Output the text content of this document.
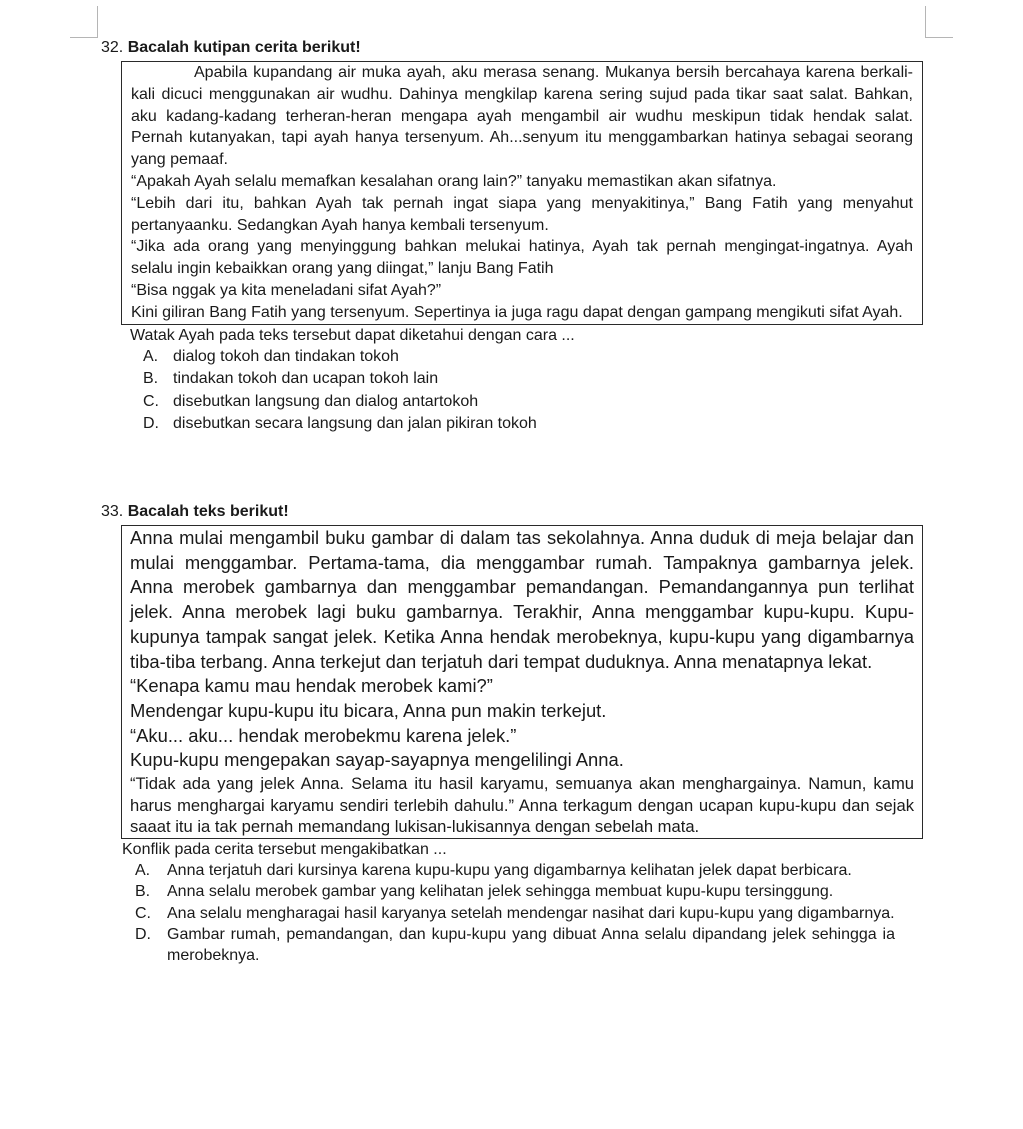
32. Bacalah kutipan cerita berikut!

Apabila kupandang air muka ayah, aku merasa senang. Mukanya bersih bercahaya karena berkali-kali dicuci menggunakan air wudhu. Dahinya mengkilap karena sering sujud pada tikar saat salat. Bahkan, aku kadang-kadang terheran-heran mengapa ayah mengambil air wudhu meskipun tidak hendak salat. Pernah kutanyakan, tapi ayah hanya tersenyum. Ah...senyum itu menggambarkan hatinya sebagai seorang yang pemaaf.

“Apakah Ayah selalu memafkan kesalahan orang lain?” tanyaku memastikan akan sifatnya.

“Lebih dari itu, bahkan Ayah tak pernah ingat siapa yang menyakitinya,” Bang Fatih yang menyahut pertanyaanku. Sedangkan Ayah hanya kembali tersenyum.

“Jika ada orang yang menyinggung bahkan melukai hatinya, Ayah tak pernah mengingat-ingatnya. Ayah selalu ingin kebaikkan orang yang diingat,” lanju Bang Fatih

“Bisa nggak ya kita meneladani sifat Ayah?”

Kini giliran Bang Fatih yang tersenyum. Sepertinya ia juga ragu dapat dengan gampang mengikuti sifat Ayah.

Watak Ayah pada teks tersebut dapat diketahui dengan cara ...

A. dialog tokoh dan tindakan tokoh
B. tindakan tokoh dan ucapan tokoh lain
C. disebutkan langsung dan dialog antartokoh
D. disebutkan secara langsung dan jalan pikiran tokoh

33. Bacalah teks berikut!

Anna mulai mengambil buku gambar di dalam tas sekolahnya. Anna duduk di meja belajar dan mulai menggambar. Pertama-tama, dia menggambar rumah. Tampaknya gambarnya jelek. Anna merobek gambarnya dan menggambar pemandangan. Pemandangannya pun terlihat jelek. Anna merobek lagi buku gambarnya. Terakhir, Anna menggambar kupu-kupu. Kupu-kupunya tampak sangat jelek. Ketika Anna hendak merobeknya, kupu-kupu yang digambarnya tiba-tiba terbang. Anna terkejut dan terjatuh dari tempat duduknya. Anna menatapnya lekat.

“Kenapa kamu mau hendak merobek kami?”

Mendengar kupu-kupu itu bicara, Anna pun makin terkejut.

“Aku... aku... hendak merobekmu karena jelek.”

Kupu-kupu mengepakan sayap-sayapnya mengelilingi Anna.

“Tidak ada yang jelek Anna. Selama itu hasil karyamu, semuanya akan menghargainya. Namun, kamu harus menghargai karyamu sendiri terlebih dahulu.” Anna terkagum dengan ucapan kupu-kupu dan sejak saaat itu ia tak pernah memandang lukisan-lukisannya dengan sebelah mata.

Konflik pada cerita tersebut mengakibatkan ...

A.	Anna terjatuh dari kursinya karena kupu-kupu yang digambarnya kelihatan jelek dapat berbicara.
B.	Anna selalu merobek gambar yang kelihatan jelek sehingga membuat kupu-kupu tersinggung.
C.	Ana selalu mengharagai hasil karyanya setelah mendengar nasihat dari kupu-kupu yang digambarnya.
D.	Gambar rumah, pemandangan, dan kupu-kupu yang dibuat Anna selalu dipandang jelek sehingga ia merobeknya.
